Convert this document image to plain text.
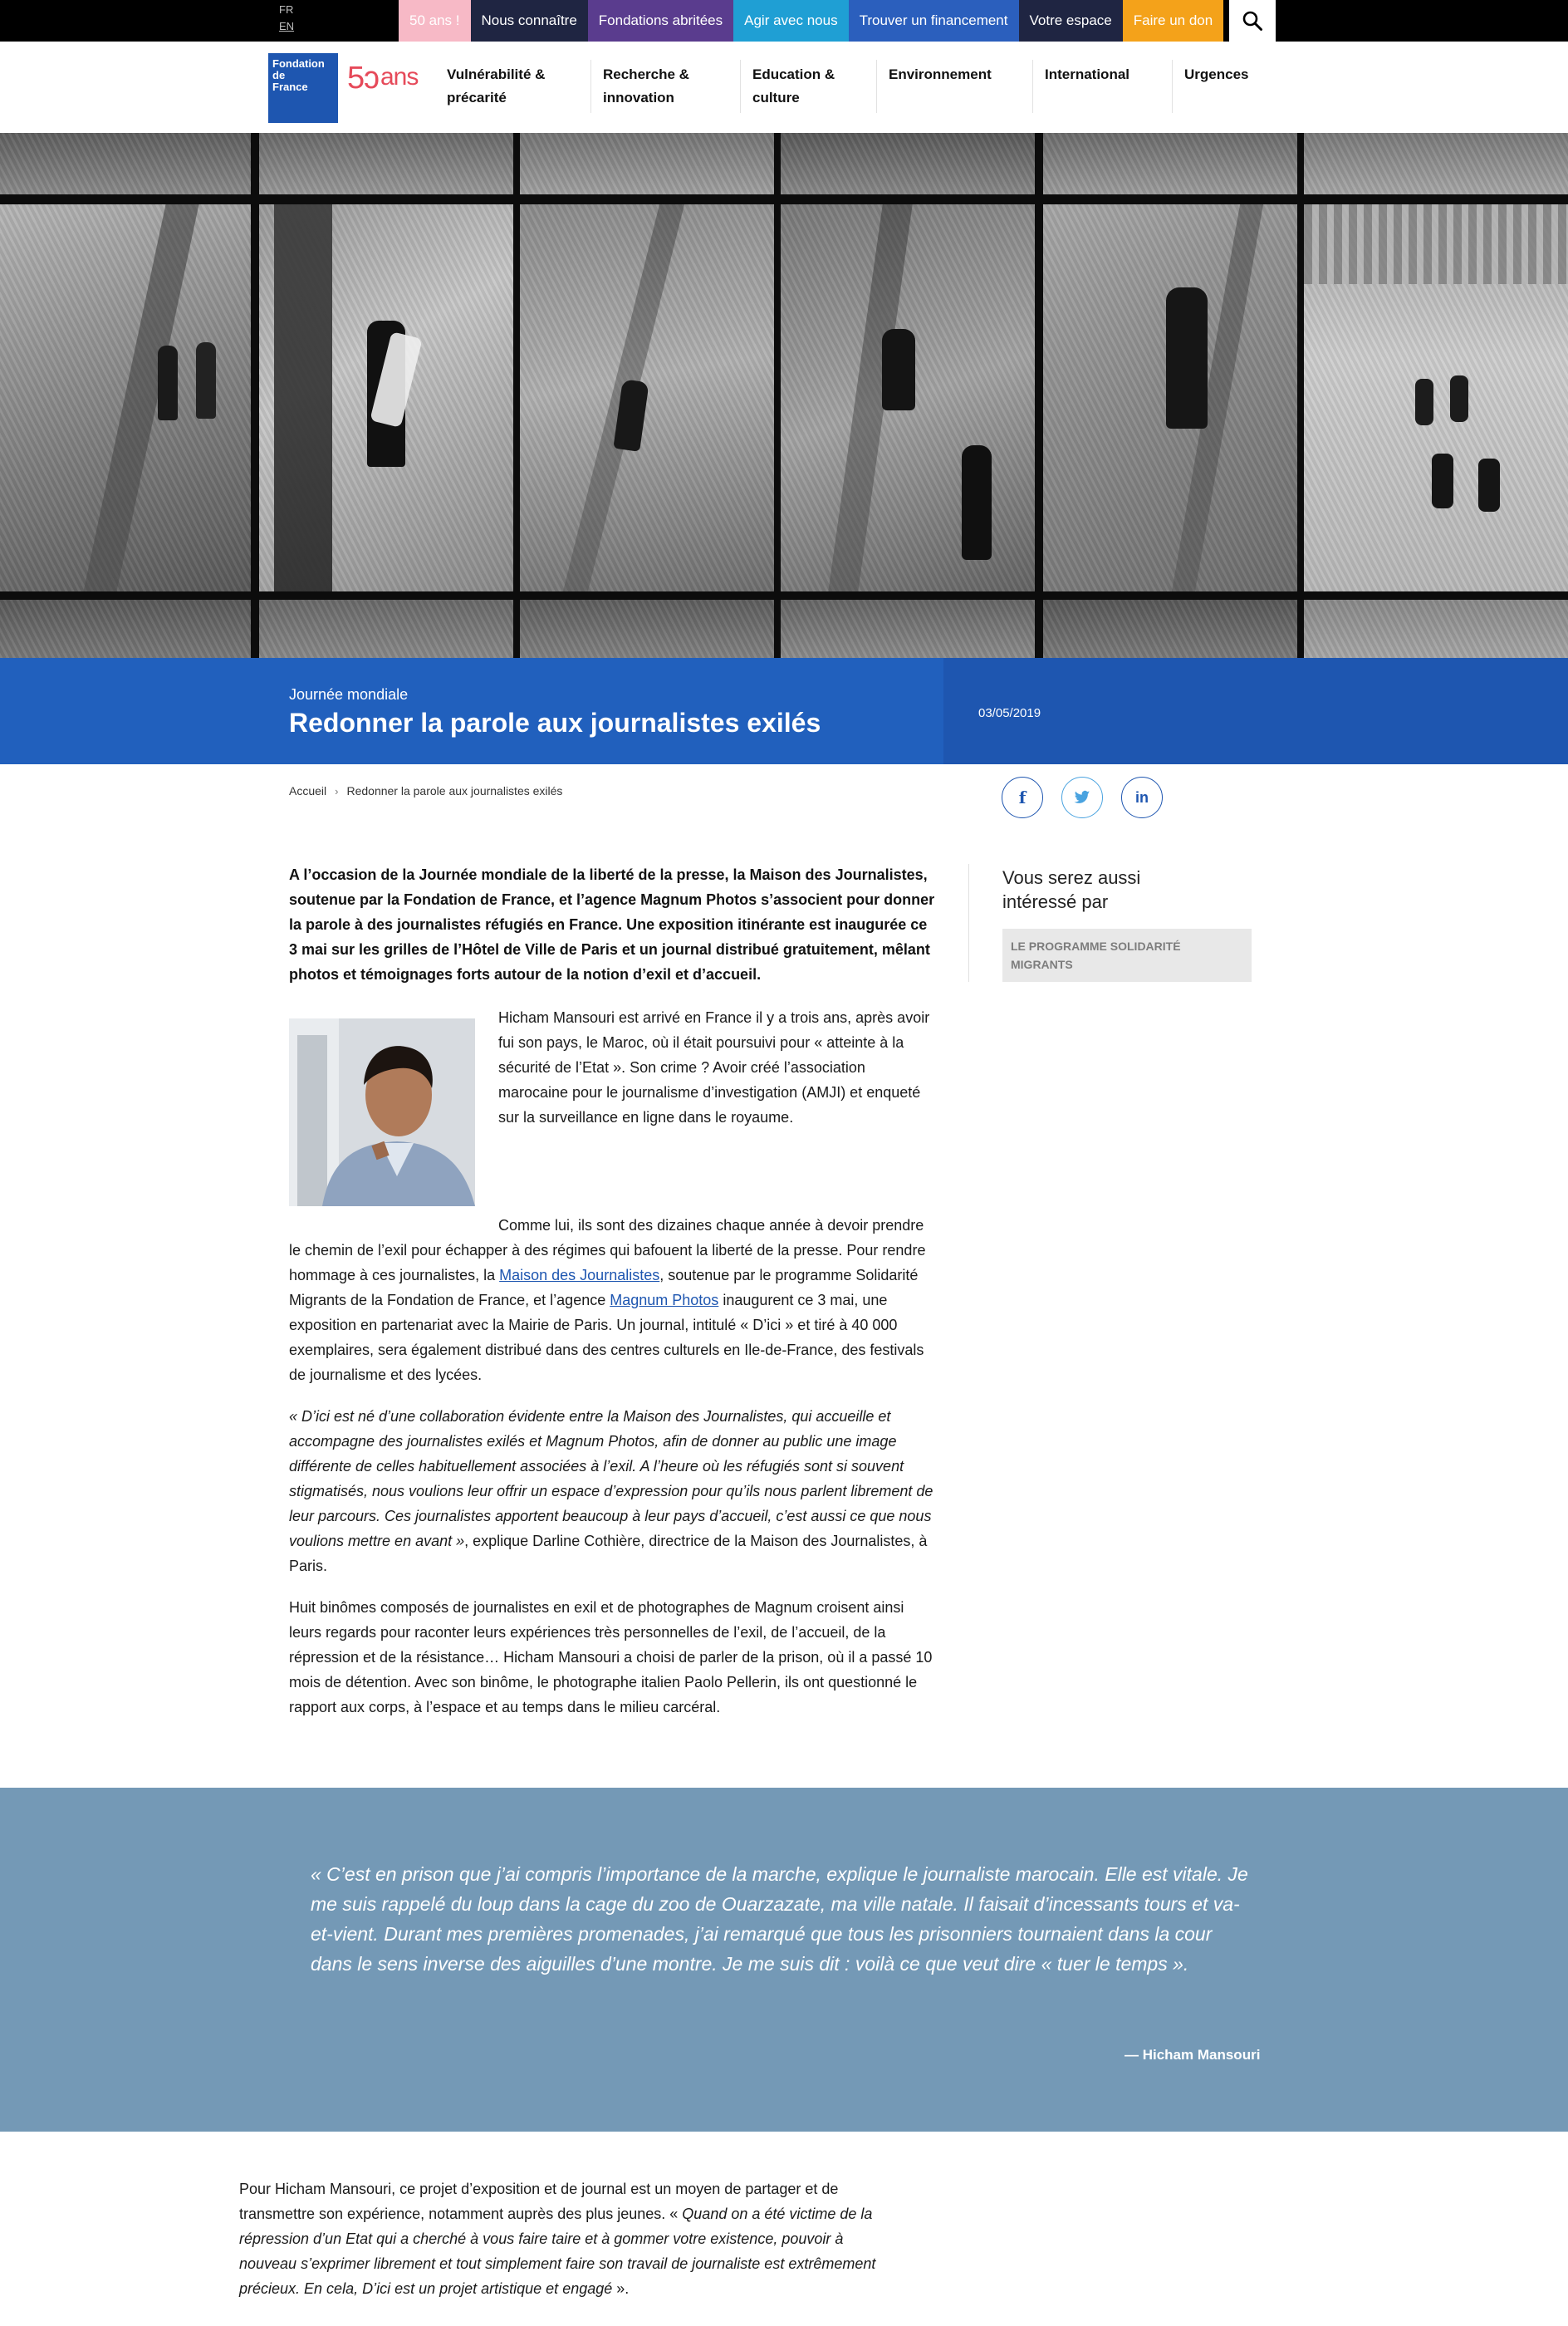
FR
EN	50 ans !	Nous connaître	Fondations abritées	Agir avec nous	Trouver un financement	Votre espace	Faire un don
Fondation de France 5 ɔ ans	Vulnérabilité & précarité
Recherche & innovation
Education & culture
Environnement	International	Urgences
Journée mondiale
Redonner la parole aux journalistes exilés	03/05/2019
Accueil › Redonner la parole aux journalistes exilés	f	in

A l’occasion de la Journée mondiale de la liberté de la presse, la Maison des Journalistes, soutenue par la Fondation de France, et l’agence Magnum Photos s’associent pour donner la parole à des journalistes réfugiés en France. Une exposition itinérante est inaugurée ce 3 mai sur les grilles de l’Hôtel de Ville de Paris et un journal distribué gratuitement, mêlant photos et témoignages forts autour de la notion d’exil et d’accueil.

Hicham Mansouri est arrivé en France il y a trois ans, après avoir fui son pays, le Maroc, où il était poursuivi pour « atteinte à la sécurité de l’Etat ». Son crime ? Avoir créé l’association marocaine pour le journalisme d’investigation (AMJI) et enqueté sur la surveillance en ligne dans le royaume.

Comme lui, ils sont des dizaines chaque année à devoir prendre le chemin de l’exil pour échapper à des régimes qui bafouent la liberté de la presse. Pour rendre hommage à ces journalistes, la Maison des Journalistes, soutenue par le programme Solidarité Migrants de la Fondation de France, et l’agence Magnum Photos inaugurent ce 3 mai, une exposition en partenariat avec la Mairie de Paris. Un journal, intitulé « D’ici » et tiré à 40 000 exemplaires, sera également distribué dans des centres culturels en Ile-de-France, des festivals de journalisme et des lycées.

« D’ici est né d’une collaboration évidente entre la Maison des Journalistes, qui accueille et accompagne des journalistes exilés et Magnum Photos, afin de donner au public une image différente de celles habituellement associées à l’exil. A l’heure où les réfugiés sont si souvent stigmatisés, nous voulions leur offrir un espace d’expression pour qu’ils nous parlent librement de leur parcours. Ces journalistes apportent beaucoup à leur pays d’accueil, c’est aussi ce que nous voulions mettre en avant », explique Darline Cothière, directrice de la Maison des Journalistes, à Paris.

Huit binômes composés de journalistes en exil et de photographes de Magnum croisent ainsi leurs regards pour raconter leurs expériences très personnelles de l’exil, de l’accueil, de la répression et de la résistance… Hicham Mansouri a choisi de parler de la prison, où il a passé 10 mois de détention. Avec son binôme, le photographe italien Paolo Pellerin, ils ont questionné le rapport aux corps, à l’espace et au temps dans le milieu carcéral.

Vous serez aussi intéressé par
LE PROGRAMME SOLIDARITÉ MIGRANTS

« C’est en prison que j’ai compris l’importance de la marche, explique le journaliste marocain. Elle est vitale. Je me suis rappelé du loup dans la cage du zoo de Ouarzazate, ma ville natale. Il faisait d’incessants tours et va-et-vient. Durant mes premières promenades, j’ai remarqué que tous les prisonniers tournaient dans la cour dans le sens inverse des aiguilles d’une montre. Je me suis dit : voilà ce que veut dire « tuer le temps ».

— Hicham Mansouri

Pour Hicham Mansouri, ce projet d’exposition et de journal est un moyen de partager et de transmettre son expérience, notamment auprès des plus jeunes. « Quand on a été victime de la répression d’un Etat qui a cherché à vous faire taire et à gommer votre existence, pouvoir à nouveau s’exprimer librement et tout simplement faire son travail de journaliste est extrêmement précieux. En cela, D’ici est un projet artistique et engagé ».
